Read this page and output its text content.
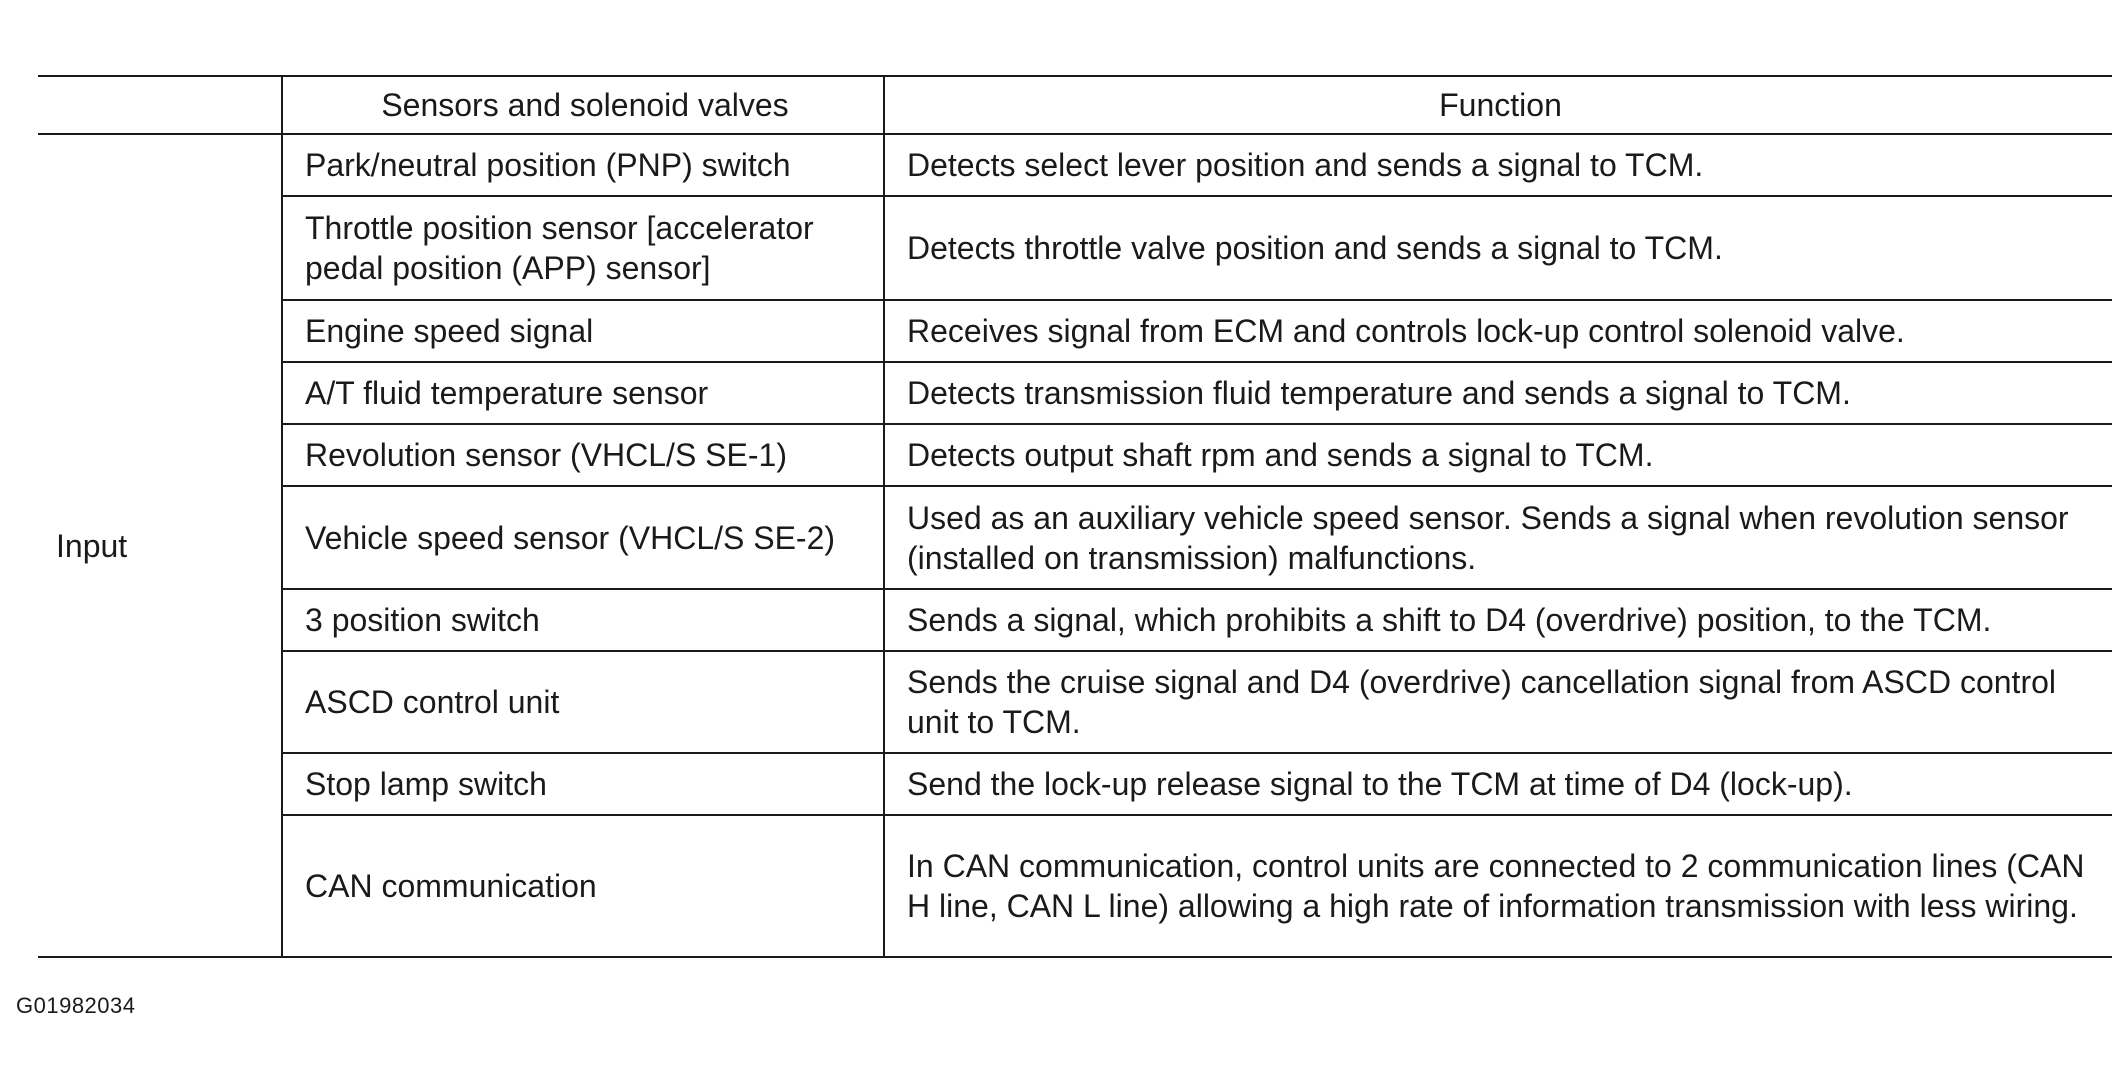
	Sensors and solenoid valves	Function
Input	Park/neutral position (PNP) switch	Detects select lever position and sends a signal to TCM.
	Throttle position sensor [accelerator pedal position (APP) sensor]	Detects throttle valve position and sends a signal to TCM.
	Engine speed signal	Receives signal from ECM and controls lock-up control solenoid valve.
	A/T fluid temperature sensor	Detects transmission fluid temperature and sends a signal to TCM.
	Revolution sensor (VHCL/S SE-1)	Detects output shaft rpm and sends a signal to TCM.
	Vehicle speed sensor (VHCL/S SE-2)	Used as an auxiliary vehicle speed sensor. Sends a signal when revolution sensor (installed on transmission) malfunctions.
	3 position switch	Sends a signal, which prohibits a shift to D4 (overdrive) position, to the TCM.
	ASCD control unit	Sends the cruise signal and D4 (overdrive) cancellation signal from ASCD control unit to TCM.
	Stop lamp switch	Send the lock-up release signal to the TCM at time of D4 (lock-up).
	CAN communication	In CAN communication, control units are connected to 2 communication lines (CAN H line, CAN L line) allowing a high rate of information transmission with less wiring.
G01982034
